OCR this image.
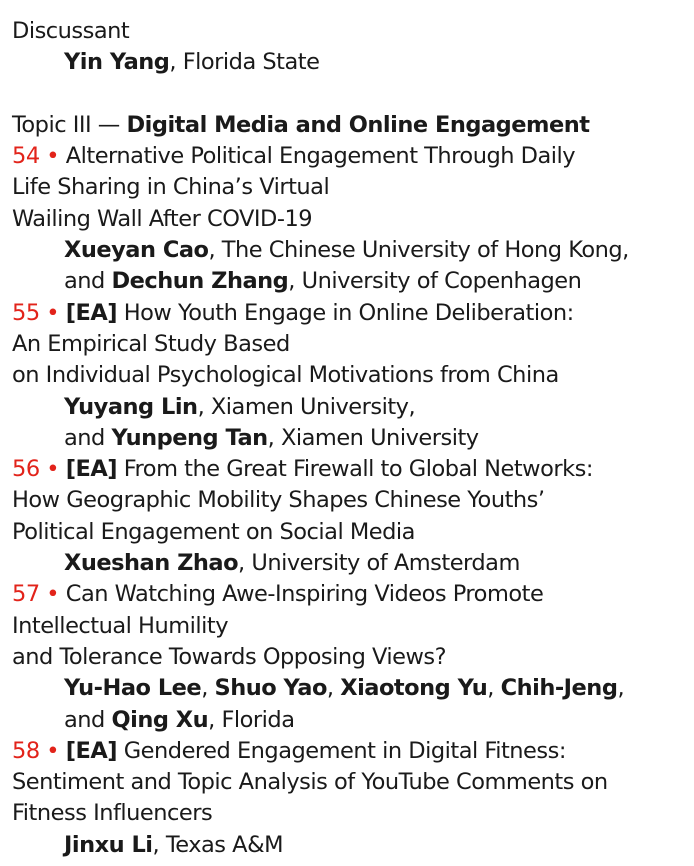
Discussant
Yin Yang, Florida State
Topic III — Digital Media and Online Engagement
54 • Alternative Political Engagement Through Daily
Life Sharing in China’s Virtual
Wailing Wall After COVID-19
Xueyan Cao, The Chinese University of Hong Kong,
and Dechun Zhang, University of Copenhagen
55 • [EA] How Youth Engage in Online Deliberation:
An Empirical Study Based
on Individual Psychological Motivations from China
Yuyang Lin, Xiamen University,
and Yunpeng Tan, Xiamen University
56 • [EA] From the Great Firewall to Global Networks:
How Geographic Mobility Shapes Chinese Youths’
Political Engagement on Social Media
Xueshan Zhao, University of Amsterdam
57 • Can Watching Awe-Inspiring Videos Promote
Intellectual Humility
and Tolerance Towards Opposing Views?
Yu-Hao Lee, Shuo Yao, Xiaotong Yu, Chih-Jeng,
and Qing Xu, Florida
58 • [EA] Gendered Engagement in Digital Fitness:
Sentiment and Topic Analysis of YouTube Comments on
Fitness Influencers
Jinxu Li, Texas A&M
